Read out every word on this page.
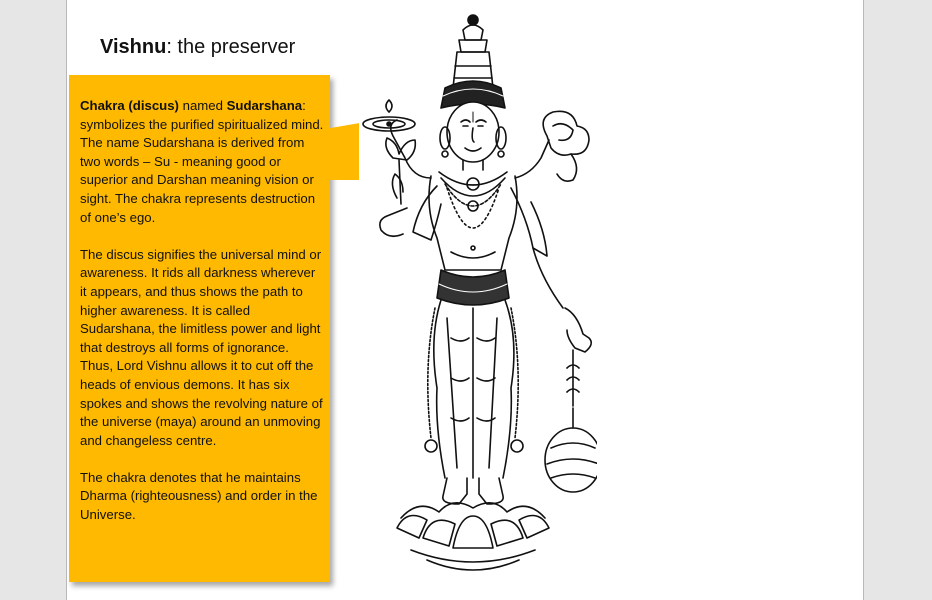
Vishnu: the preserver

Chakra (discus) named Sudarshana: symbolizes the purified spiritualized mind. The name Sudarshana is derived from two words – Su - meaning good or superior and Darshan meaning vision or sight. The chakra represents destruction of one’s ego.

The discus signifies the universal mind or awareness. It rids all darkness wherever it appears, and thus shows the path to higher awareness. It is called Sudarshana, the limitless power and light that destroys all forms of ignorance. Thus, Lord Vishnu allows it to cut off the heads of envious demons. It has six spokes and shows the revolving nature of the universe (maya) around an unmoving and changeless centre.

The chakra denotes that he maintains Dharma (righteousness) and order in the Universe.
